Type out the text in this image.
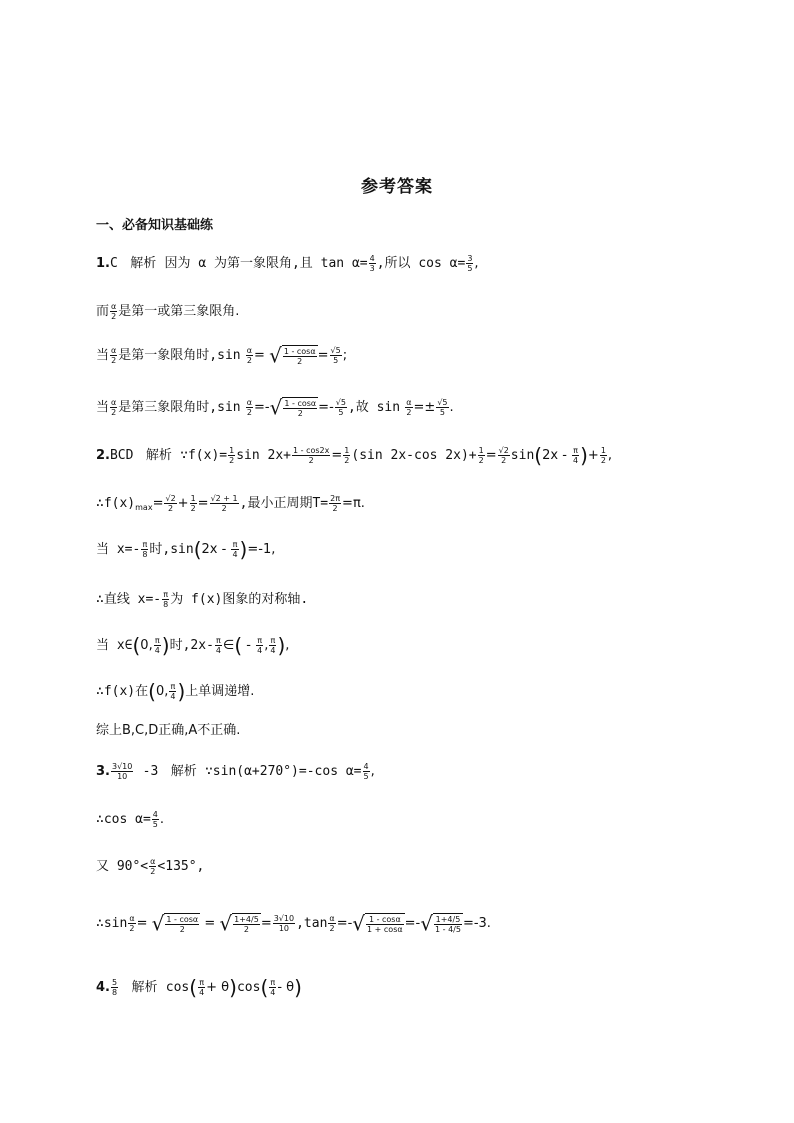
参考答案
一、必备知识基础练
1.C 解析 因为 α 为第一象限角,且 $\tan \alpha= \frac{4}{3}$ ,所以 $\cos \alpha= \frac{3}{5}$ ,
而 $\frac{\alpha}{2}$ 是第一或第三象限角.
当 $\frac{\alpha}{2}$ 是第一象限角时$,\sin \frac{\alpha}{2}$ = √ $\frac{1 - \cos\alpha}{2} = \frac{√5}{5}$ ;
当 $\frac{\alpha}{2}$ 是第三象限角时$,\sin \frac{\alpha}{2}$ =-√ $\frac{1 - \cos\alpha}{2} =- \frac{√5}{5}$ ,故 $\sin \frac{\alpha}{2} =\pm \frac{√5}{5}$ .
2.BCD 解析 ∵f(x)= $\frac{1}{2}$ $\sin 2x+ \frac{1 - \cos 2x}{2} = \frac{1}{2} (\sin$ 2x-cos $2x)+ \frac{1}{2} = \frac{√2}{2} \sin(2x - \frac{\pi}{4}$ )+ $\frac{1}{2}$ ,
$\therefore f(x)_{max}= \frac{√2}{2} + \frac{1}{2} = \frac{√2 + 1}{2}$ ,最小正周期$T= \frac{2\pi}{2} =\pi$.
当 $x=- \frac{\pi}{8}$ 时$,\sin(2x - \frac{\pi}{4} )=-1$,
∴直线 $x=- \frac{\pi}{8}$ 为 f(x)图象的对称轴.
当 x∈(0, $\frac{\pi}{4}$ )时$,2x- \frac{\pi}{4}$ ∈( - $\frac{\pi}{4}$ , $\frac{\pi}{4}$ ),
∴f(x)在(0, $\frac{\pi}{4}$ )上单调递增.
综上B,C,D正确,A不正确.
3. $\frac{3√10}{10} -3$ 解析 ∵sin(α+270°)=-cos $\alpha= \frac{4}{5}$ ,
∴cos $\alpha= \frac{4}{5}$ .
又 $90^\circ< \frac{\alpha}{2} <135^\circ$,
∴sin $\frac{\alpha}{2}$ = √ $\frac{1 - \cos\alpha}{2}$ = √ $\frac{1+4/5}{2} = \frac{3√10}{10} ,\tan \frac{\alpha}{2}$ =-√ $\frac{1 - \cos\alpha}{1 + \cos\alpha}$ =-√ $\frac{1+4/5}{1 - 4/5} =-3$.
4. $\frac{5}{8}$ 解析 $\cos( \frac{\pi}{4} + \theta)\cos( \frac{\pi}{4} - \theta)$
